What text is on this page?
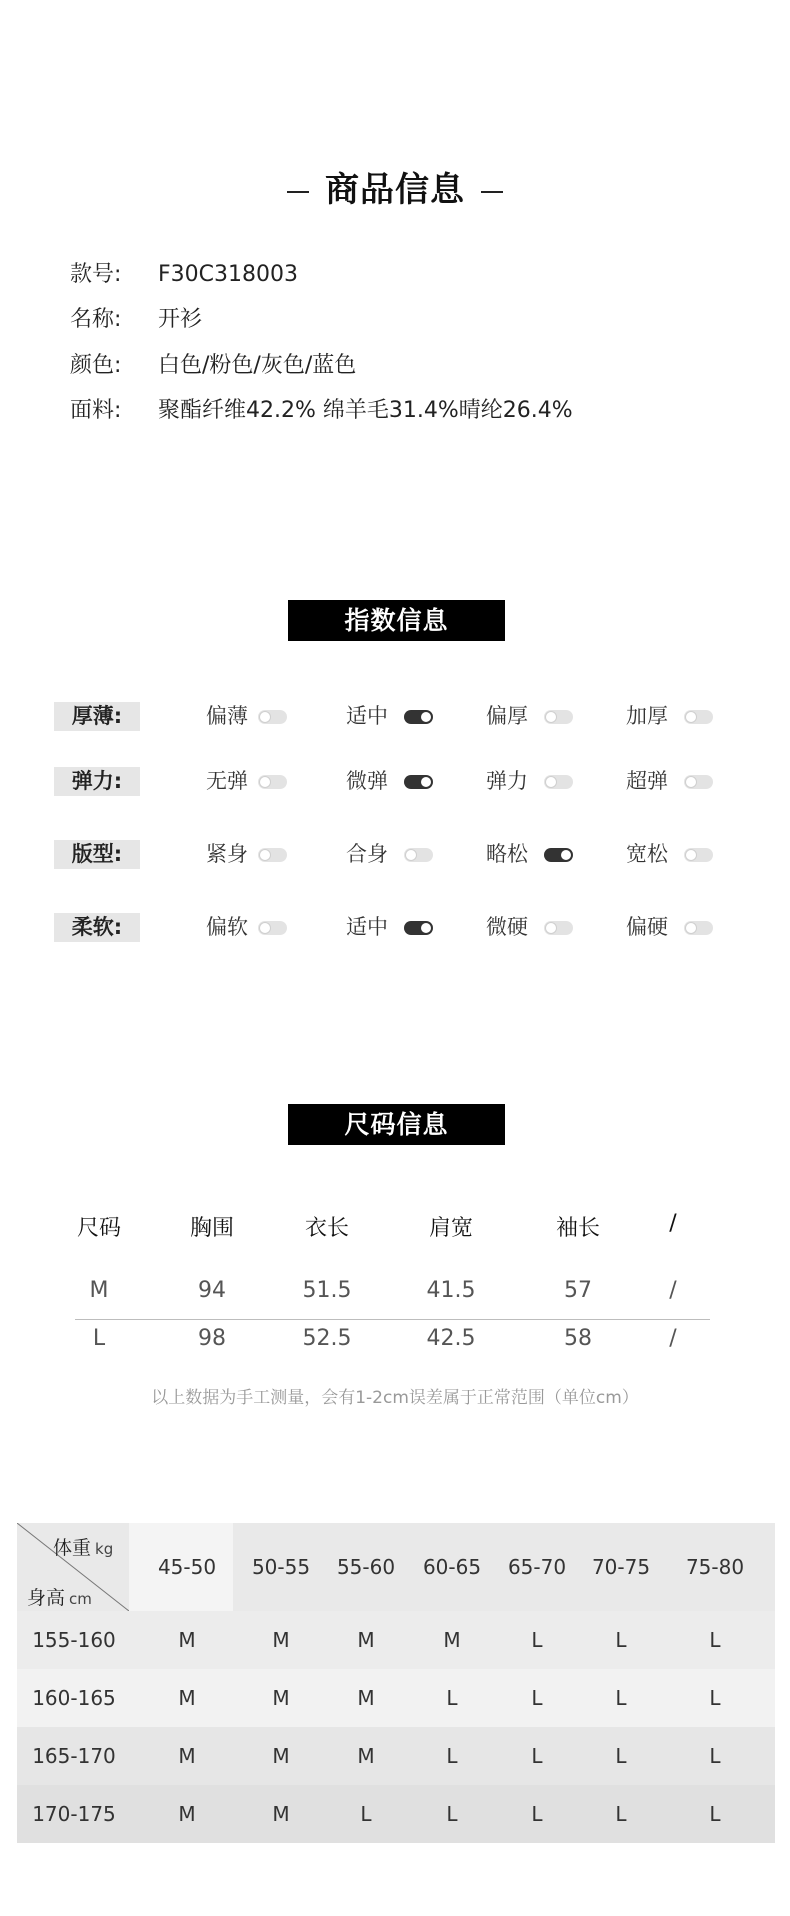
商品信息
款号: F30C318003
名称: 开衫
颜色: 白色/粉色/灰色/蓝色
面料: 聚酯纤维42.2% 绵羊毛31.4%晴纶26.4%
指数信息
厚薄:	偏薄	适中	偏厚	加厚
弹力:	无弹	微弹	弹力	超弹
版型:	紧身	合身	略松	宽松
柔软:	偏软	适中	微硬	偏硬
尺码信息
尺码	胸围	衣长	肩宽	袖长	/
M	94	51.5	41.5	57	/
L	98	52.5	42.5	58	/
以上数据为手工测量，会有1-2cm误差属于正常范围（单位cm）
体重 kg
身高 cm
45-50 50-55 55-60 60-65 65-70 70-75 75-80
155-160	M	M	M	M	L	L	L
160-165	M	M	M	L	L	L	L
165-170	M	M	M	L	L	L	L
170-175	M	M	L	L	L	L	L
